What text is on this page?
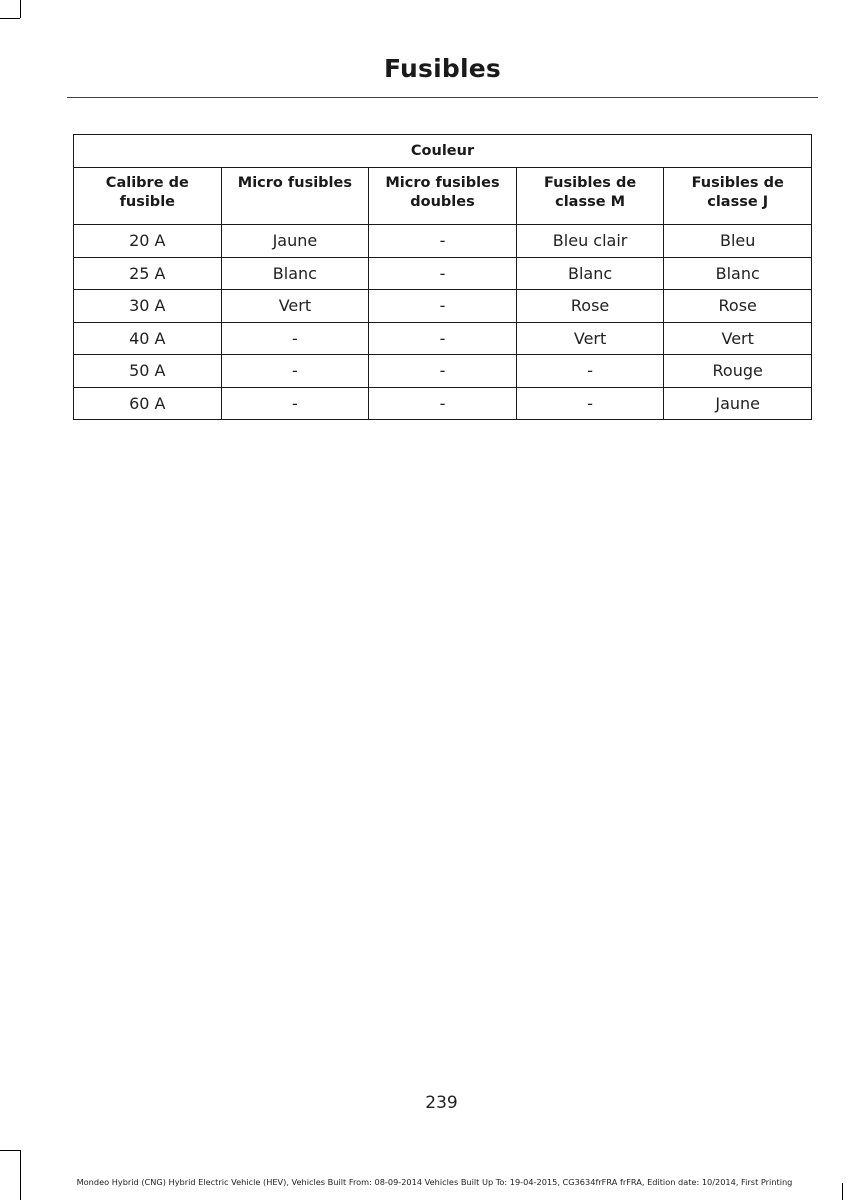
Fusibles
Couleur				
Calibre de fusible	Micro fusibles	Micro fusibles doubles	Fusibles de classe M	Fusibles de classe J
20 A	Jaune	-	Bleu clair	Bleu
25 A	Blanc	-	Blanc	Blanc
30 A	Vert	-	Rose	Rose
40 A	-	-	Vert	Vert
50 A	-	-	-	Rouge
60 A	-	-	-	Jaune
239
Mondeo Hybrid (CNG) Hybrid Electric Vehicle (HEV), Vehicles Built From: 08-09-2014 Vehicles Built Up To: 19-04-2015, CG3634frFRA frFRA, Edition date: 10/2014, First Printing
